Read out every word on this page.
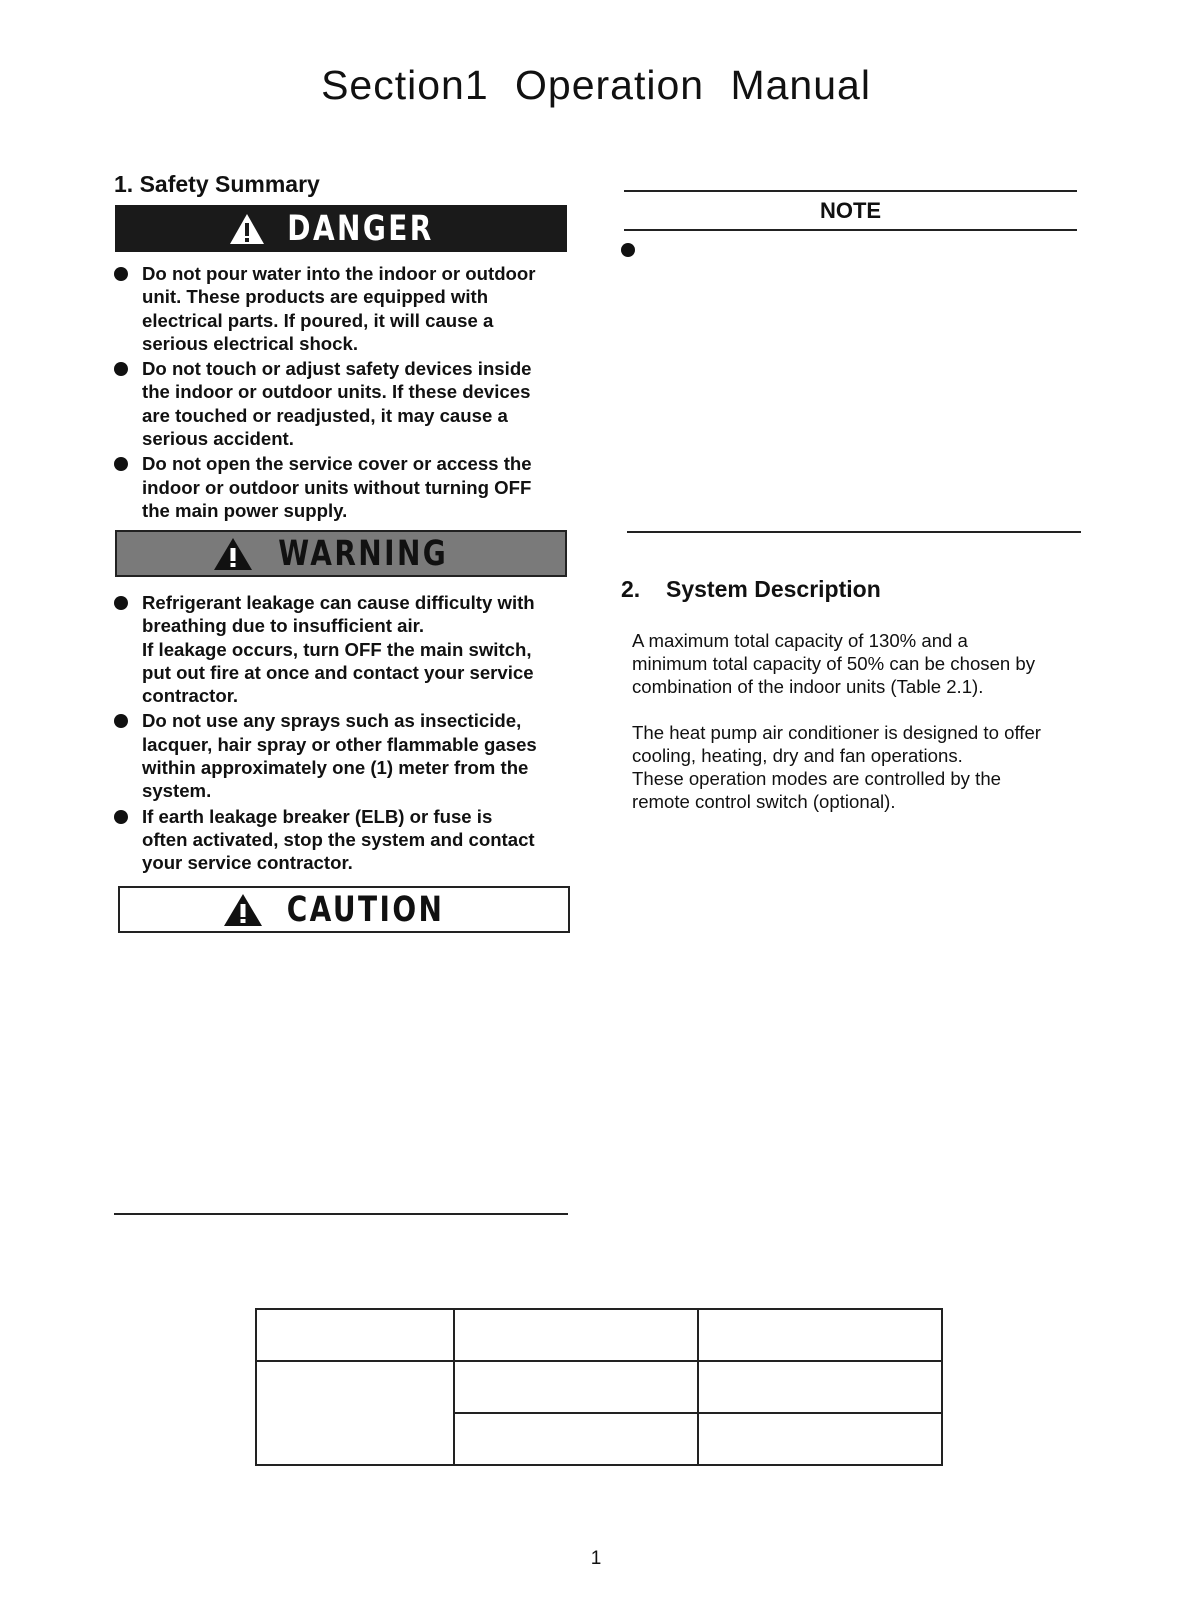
Section1 Operation Manual
1. Safety Summary
DANGER
Do not pour water into the indoor or outdoor
unit. These products are equipped with
electrical parts. If poured, it will cause a
serious electrical shock.
Do not touch or adjust safety devices inside
the indoor or outdoor units. If these devices
are touched or readjusted, it may cause a
serious accident.
Do not open the service cover or access the
indoor or outdoor units without turning OFF
the main power supply.
WARNING
Refrigerant leakage can cause difficulty with
breathing due to insufficient air.
If leakage occurs, turn OFF the main switch,
put out fire at once and contact your service
contractor.
Do not use any sprays such as insecticide,
lacquer, hair spray or other flammable gases
within approximately one (1) meter from the
system.
If earth leakage breaker (ELB) or fuse is
often activated, stop the system and contact
your service contractor.
CAUTION
NOTE
2. System Description
A maximum total capacity of 130% and a
minimum total capacity of 50% can be chosen by
combination of the indoor units (Table 2.1).
The heat pump air conditioner is designed to offer
cooling, heating, dry and fan operations.
These operation modes are controlled by the
remote control switch (optional).

1
